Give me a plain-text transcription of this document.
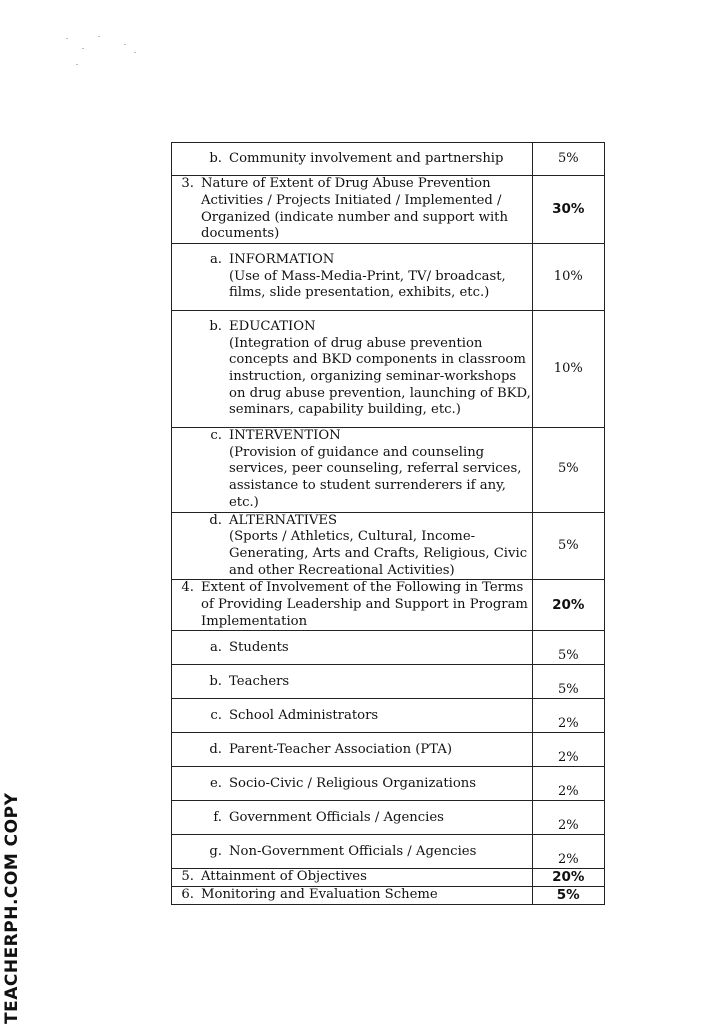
TEACHERPH.COM COPY
b. Community involvement and partnership	5%

3. Nature of Extent of Drug Abuse Prevention Activities / Projects Initiated / Implemented / Organized (indicate number and support with documents)	30%

a. INFORMATION
(Use of Mass-Media-Print, TV/ broadcast, films, slide presentation, exhibits, etc.)	10%

b. EDUCATION
(Integration of drug abuse prevention concepts and BKD components in classroom instruction, organizing seminar-workshops on drug abuse prevention, launching of BKD, seminars, capability building, etc.)	10%

c. INTERVENTION
(Provision of guidance and counseling services, peer counseling, referral services, assistance to student surrenderers if any, etc.)	5%

d. ALTERNATIVES
(Sports / Athletics, Cultural, Income-Generating, Arts and Crafts, Religious, Civic and other Recreational Activities)	5%

4. Extent of Involvement of the Following in Terms of Providing Leadership and Support in Program Implementation	20%

a. Students	5%

b. Teachers	5%

c. School Administrators	2%

d. Parent-Teacher Association (PTA)	2%

e. Socio-Civic / Religious Organizations	2%

f. Government Officials / Agencies	2%

g. Non-Government Officials / Agencies	2%

5. Attainment of Objectives	20%

6. Monitoring and Evaluation Scheme	5%
